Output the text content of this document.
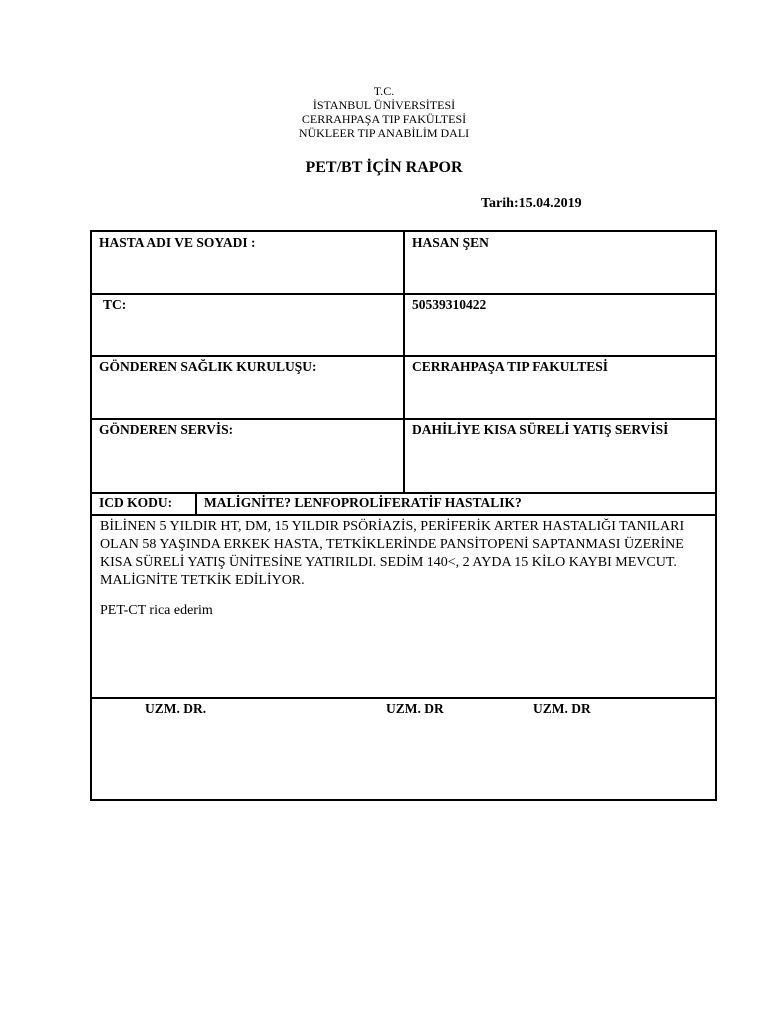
T.C.
İSTANBUL ÜNİVERSİTESİ
CERRAHPAŞA TIP FAKÜLTESİ
NÜKLEER TIP ANABİLİM DALI
PET/BT İÇİN RAPOR
Tarih:15.04.2019
HASTA ADI VE SOYADI :	HASAN ŞEN
TC:	50539310422
GÖNDEREN SAĞLIK KURULUŞU:	CERRAHPAŞA TIP FAKULTESİ
GÖNDEREN SERVİS:	DAHİLİYE KISA SÜRELİ YATIŞ SERVİSİ
ICD KODU: MALİGNİTE? LENFOPROLİFERATİF HASTALIK?

BİLİNEN 5 YILDIR HT, DM, 15 YILDIR PSÖRİAZİS, PERİFERİK ARTER HASTALIĞI TANILARI OLAN 58 YAŞINDA ERKEK HASTA, TETKİKLERİNDE PANSİTOPENİ SAPTANMASI ÜZERİNE KISA SÜRELİ YATIŞ ÜNİTESİNE YATIRILDI. SEDİM 140<, 2 AYDA 15 KİLO KAYBI MEVCUT. MALİGNİTE TETKİK EDİLİYOR.

PET-CT rica ederim

UZM. DR.	UZM. DR	UZM. DR
